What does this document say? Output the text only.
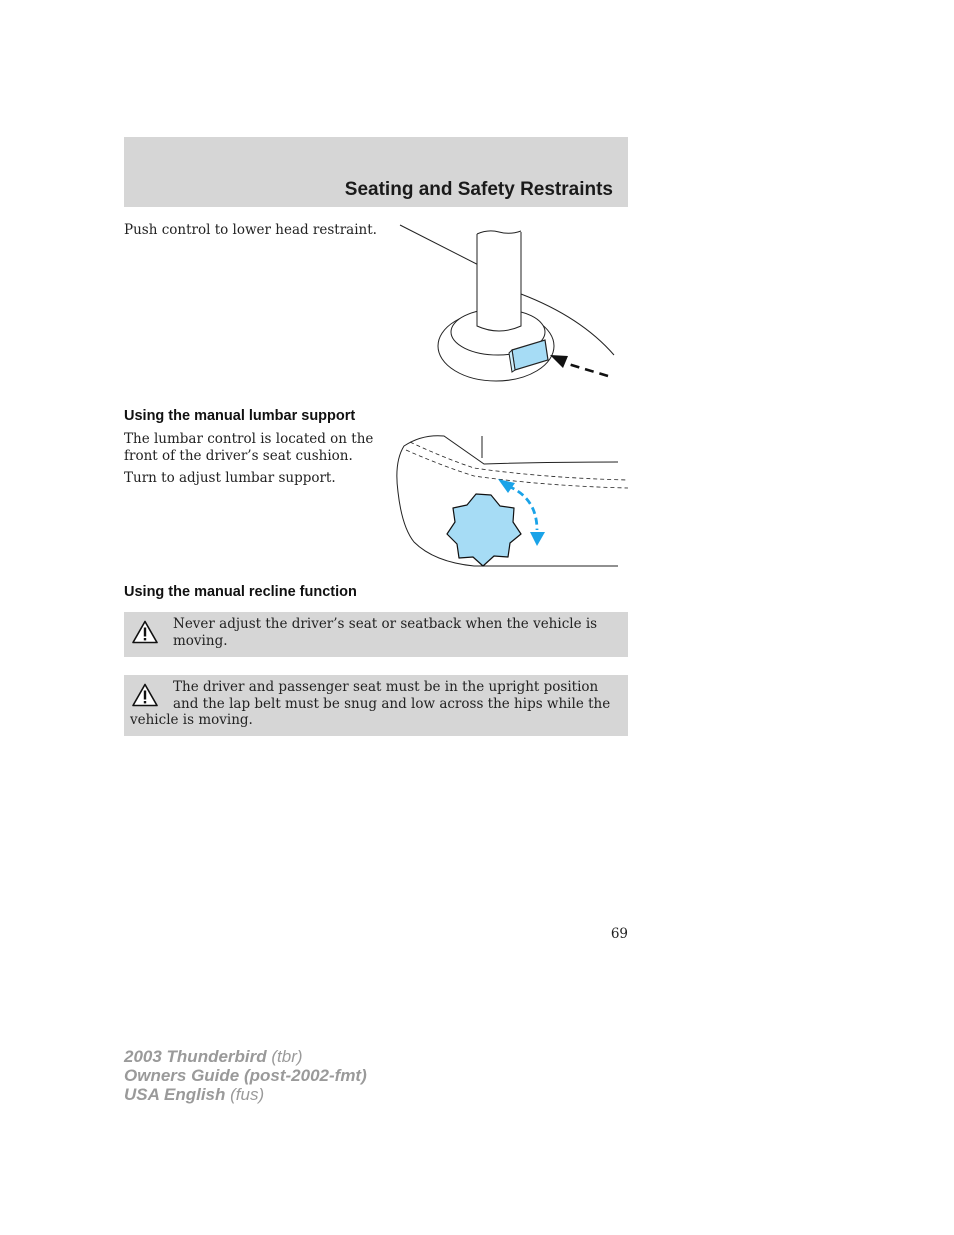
Seating and Safety Restraints

Push control to lower head restraint.

Using the manual lumbar support

The lumbar control is located on the front of the driver’s seat cushion.

Turn to adjust lumbar support.

Using the manual recline function

Never adjust the driver’s seat or seatback when the vehicle is moving.

The driver and passenger seat must be in the upright position and the lap belt must be snug and low across the hips while the vehicle is moving.

69
2003 Thunderbird (tbr)
Owners Guide (post-2002-fmt)
USA English (fus)
